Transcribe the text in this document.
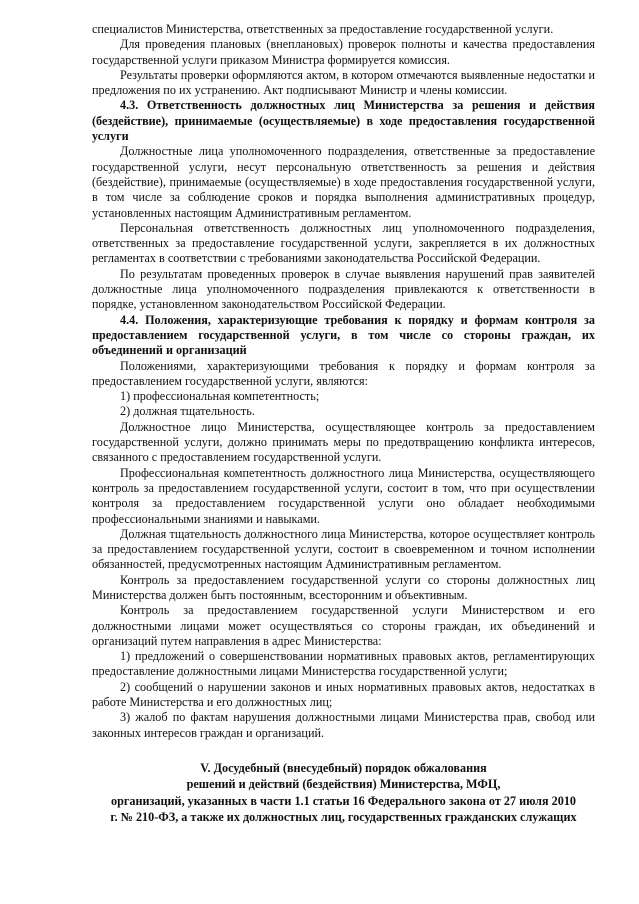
специалистов Министерства, ответственных за предоставление государственной услуги.

Для проведения плановых (внеплановых) проверок полноты и качества предоставления государственной услуги приказом Министра формируется комиссия.

Результаты проверки оформляются актом, в котором отмечаются выявленные недостатки и предложения по их устранению. Акт подписывают Министр и члены комиссии.

4.3. Ответственность должностных лиц Министерства за решения и действия (бездействие), принимаемые (осуществляемые) в ходе предоставления государственной услуги

Должностные лица уполномоченного подразделения, ответственные за предоставление государственной услуги, несут персональную ответственность за решения и действия (бездействие), принимаемые (осуществляемые) в ходе предоставления государственной услуги, в том числе за соблюдение сроков и порядка выполнения административных процедур, установленных настоящим Административным регламентом.

Персональная ответственность должностных лиц уполномоченного подразделения, ответственных за предоставление государственной услуги, закрепляется в их должностных регламентах в соответствии с требованиями законодательства Российской Федерации.

По результатам проведенных проверок в случае выявления нарушений прав заявителей должностные лица уполномоченного подразделения привлекаются к ответственности в порядке, установленном законодательством Российской Федерации.

4.4. Положения, характеризующие требования к порядку и формам контроля за предоставлением государственной услуги, в том числе со стороны граждан, их объединений и организаций

Положениями, характеризующими требования к порядку и формам контроля за предоставлением государственной услуги, являются:

1) профессиональная компетентность;

2) должная тщательность.

Должностное лицо Министерства, осуществляющее контроль за предоставлением государственной услуги, должно принимать меры по предотвращению конфликта интересов, связанного с предоставлением государственной услуги.

Профессиональная компетентность должностного лица Министерства, осуществляющего контроль за предоставлением государственной услуги, состоит в том, что при осуществлении контроля за предоставлением государственной услуги оно обладает необходимыми профессиональными знаниями и навыками.

Должная тщательность должностного лица Министерства, которое осуществляет контроль за предоставлением государственной услуги, состоит в своевременном и точном исполнении обязанностей, предусмотренных настоящим Административным регламентом.

Контроль за предоставлением государственной услуги со стороны должностных лиц Министерства должен быть постоянным, всесторонним и объективным.

Контроль за предоставлением государственной услуги Министерством и его должностными лицами может осуществляться со стороны граждан, их объединений и организаций путем направления в адрес Министерства:

1) предложений о совершенствовании нормативных правовых актов, регламентирующих предоставление должностными лицами Министерства государственной услуги;

2) сообщений о нарушении законов и иных нормативных правовых актов, недостатках в работе Министерства и его должностных лиц;

3) жалоб по фактам нарушения должностными лицами Министерства прав, свобод или законных интересов граждан и организаций.

V. Досудебный (внесудебный) порядок обжалования
решений и действий (бездействия) Министерства, МФЦ,
организаций, указанных в части 1.1 статьи 16 Федерального закона от 27 июля 2010
г. № 210-ФЗ, а также их должностных лиц, государственных гражданских служащих
